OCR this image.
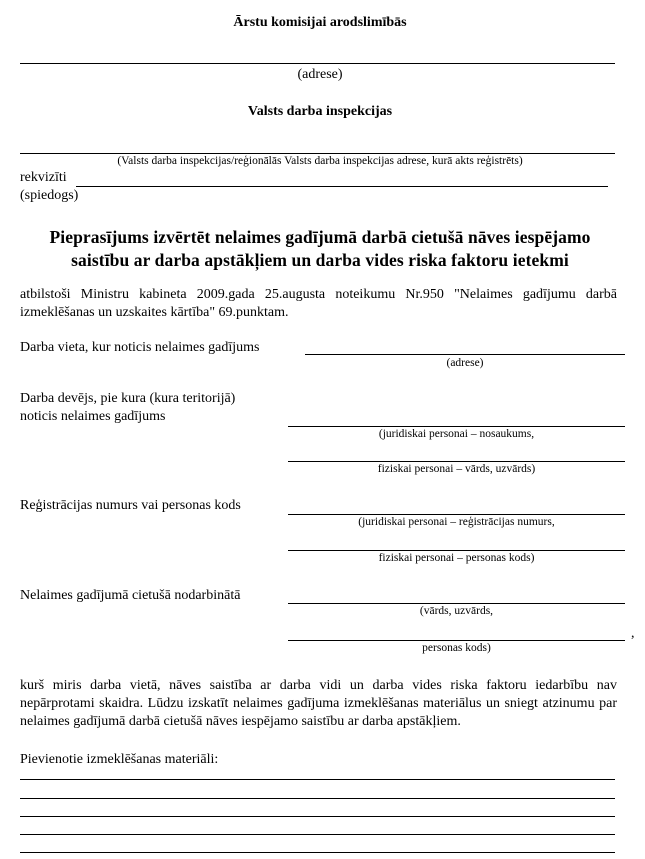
Ārstu komisijai arodslimībās
(adrese)
Valsts darba inspekcijas
(Valsts darba inspekcijas/reģionālās Valsts darba inspekcijas adrese, kurā akts reģistrēts)
rekvizīti
(spiedogs)
Pieprasījums izvērtēt nelaimes gadījumā darbā cietušā nāves iespējamo
saistību ar darba apstākļiem un darba vides riska faktoru ietekmi
atbilstoši Ministru kabineta 2009.gada 25.augusta noteikumu Nr.950 "Nelaimes gadījumu darbā izmeklēšanas un uzskaites kārtība" 69.punktam.
Darba vieta, kur noticis nelaimes gadījums
(adrese)
Darba devējs, pie kura (kura teritorijā)
noticis nelaimes gadījums
(juridiskai personai – nosaukums,
fiziskai personai – vārds, uzvārds)
Reģistrācijas numurs vai personas kods
(juridiskai personai – reģistrācijas numurs,
fiziskai personai – personas kods)
Nelaimes gadījumā cietušā nodarbinātā
(vārds, uzvārds,
,
personas kods)
kurš miris darba vietā, nāves saistība ar darba vidi un darba vides riska faktoru iedarbību nav nepārprotami skaidra. Lūdzu izskatīt nelaimes gadījuma izmeklēšanas materiālus un sniegt atzinumu par nelaimes gadījumā darbā cietušā nāves iespējamo saistību ar darba apstākļiem.
Pievienotie izmeklēšanas materiāli:
